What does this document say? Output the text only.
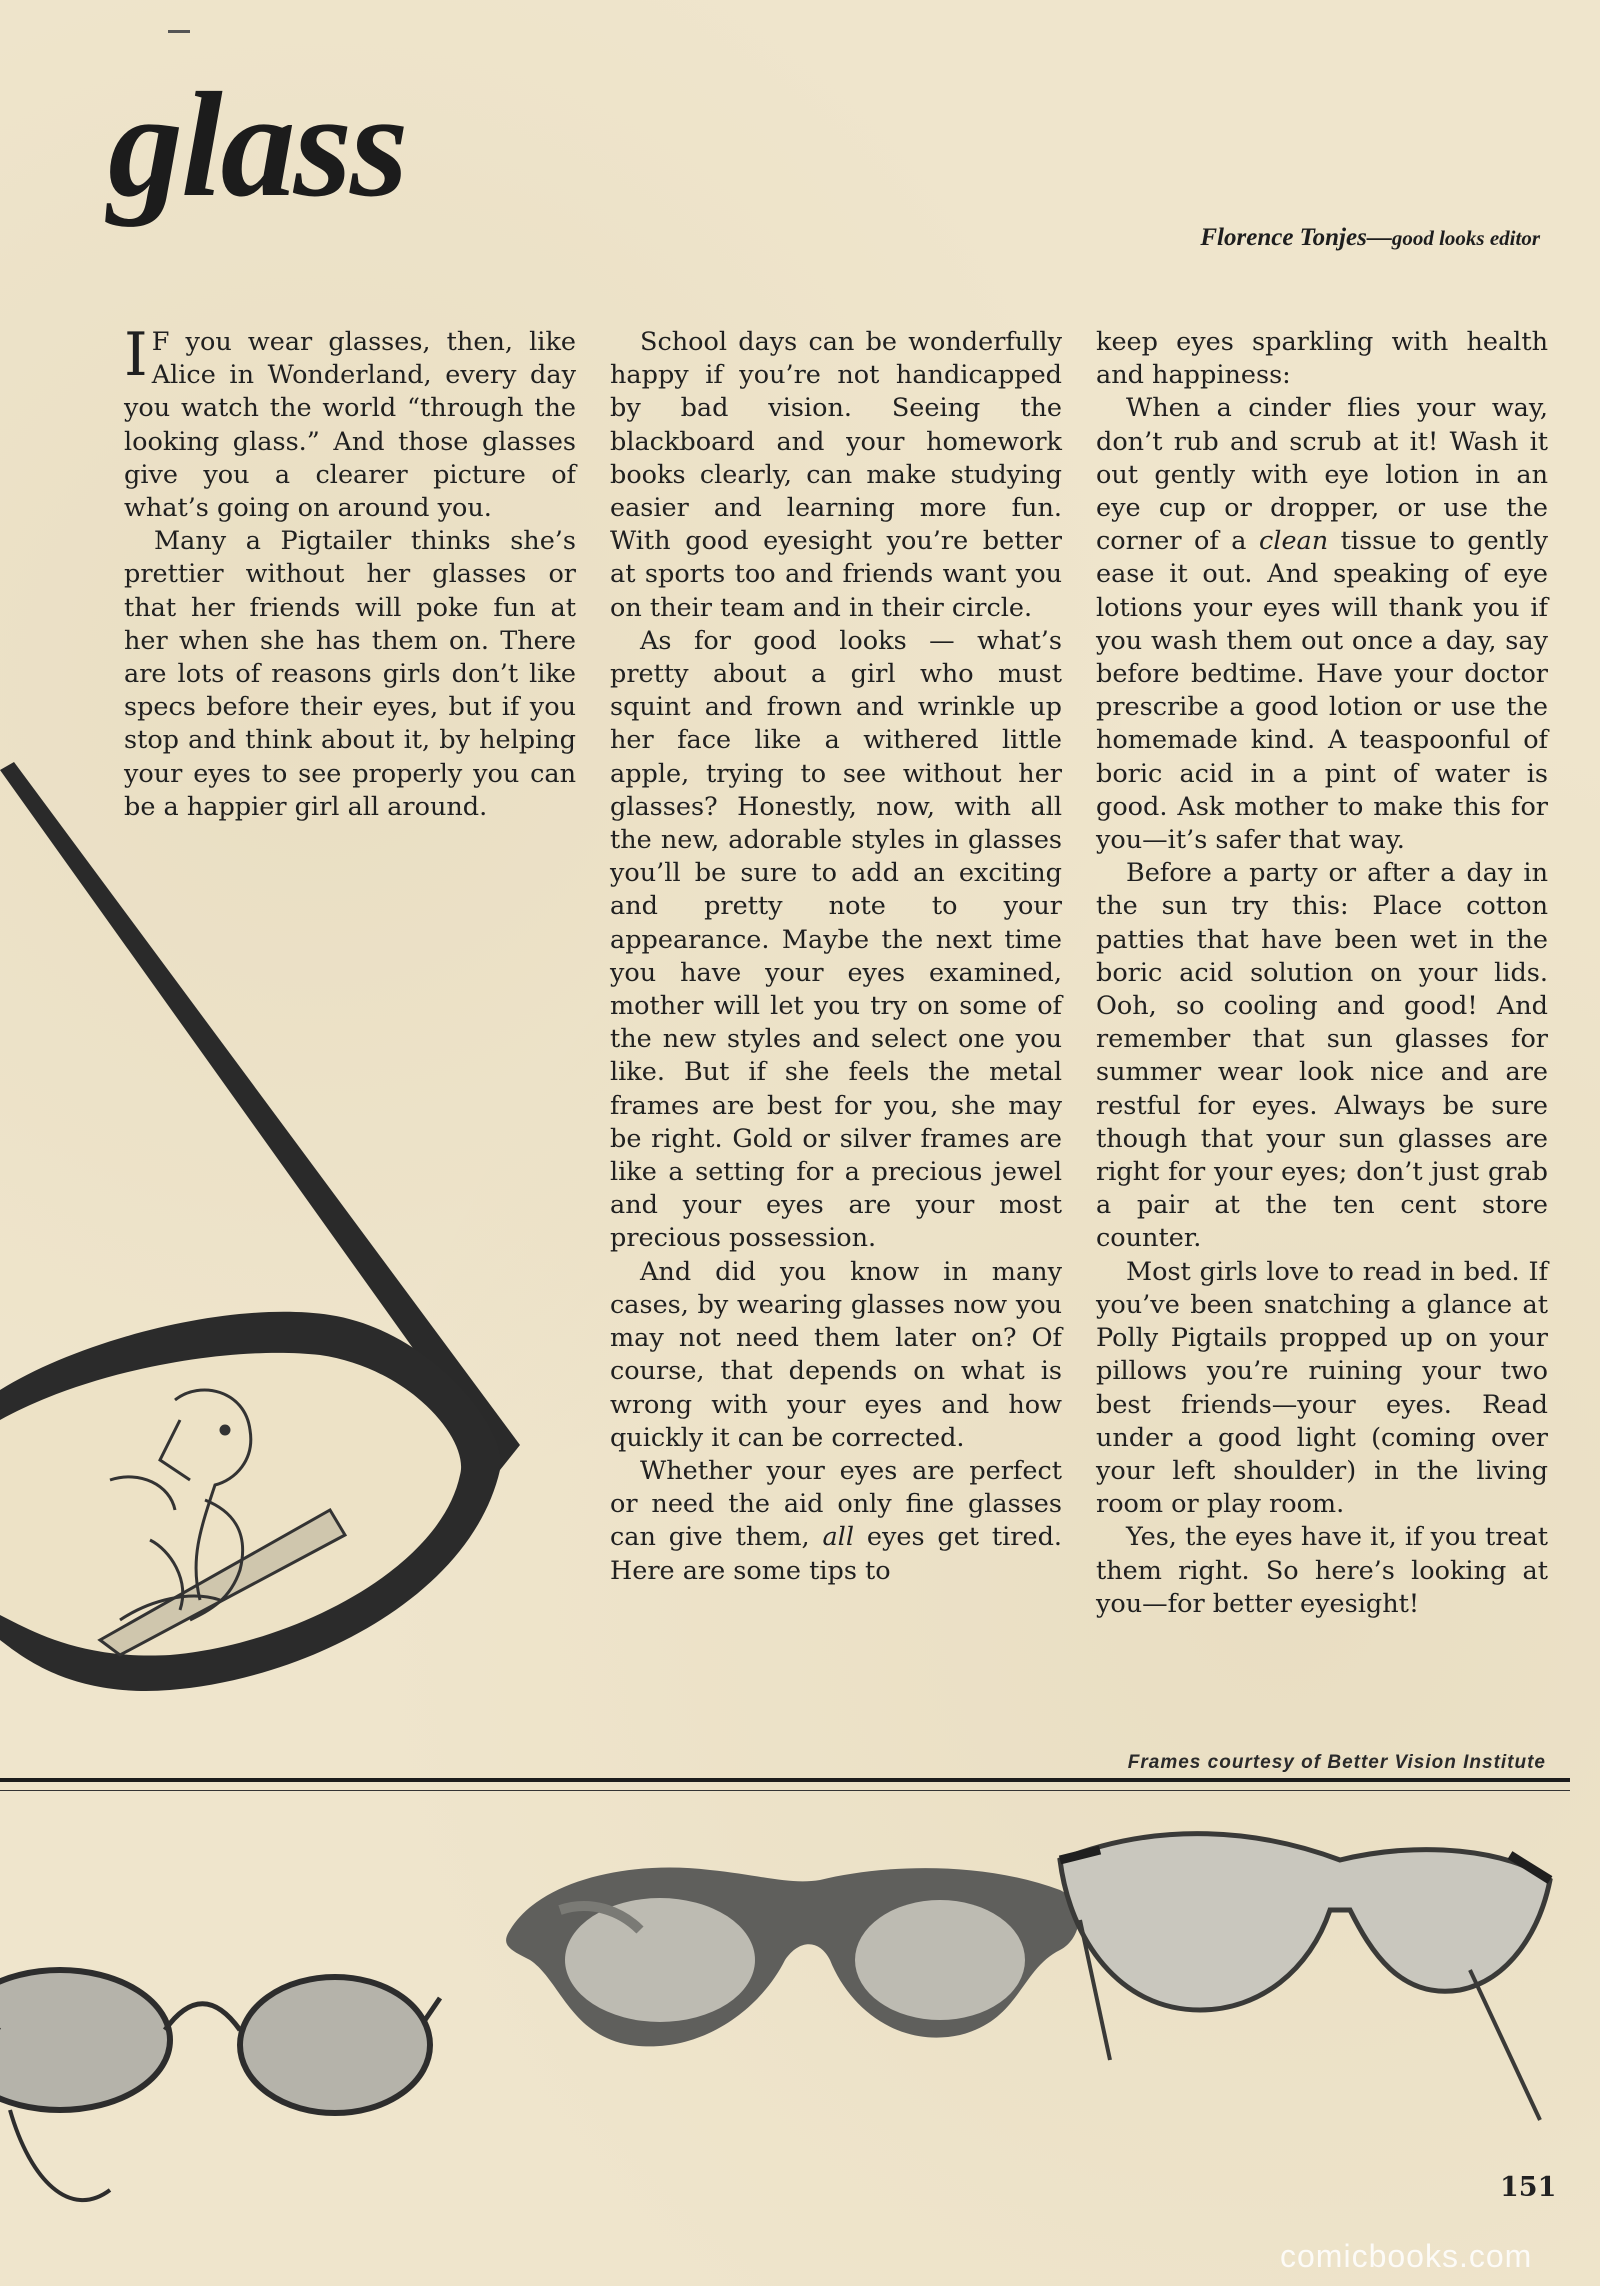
glass
Florence Tonjes—good looks editor

I F you wear glasses, then, like Alice in Wonderland, every day you watch the world “through the looking glass.” And those glasses give you a clearer picture of what’s going on around you.

Many a Pigtailer thinks she’s prettier without her glasses or that her friends will poke fun at her when she has them on. There are lots of reasons girls don’t like specs before their eyes, but if you stop and think about it, by helping your eyes to see properly you can be a happier girl all around.

School days can be wonderfully happy if you’re not handicapped by bad vision. Seeing the blackboard and your homework books clearly, can make studying easier and learning more fun. With good eyesight you’re better at sports too and friends want you on their team and in their circle.

As for good looks — what’s pretty about a girl who must squint and frown and wrinkle up her face like a withered little apple, trying to see without her glasses? Honestly, now, with all the new, adorable styles in glasses you’ll be sure to add an exciting and pretty note to your appearance. Maybe the next time you have your eyes examined, mother will let you try on some of the new styles and select one you like. But if she feels the metal frames are best for you, she may be right. Gold or silver frames are like a setting for a precious jewel and your eyes are your most precious possession.

And did you know in many cases, by wearing glasses now you may not need them later on? Of course, that depends on what is wrong with your eyes and how quickly it can be corrected.

Whether your eyes are perfect or need the aid only fine glasses can give them, all eyes get tired. Here are some tips to

keep eyes sparkling with health and happiness:

When a cinder flies your way, don’t rub and scrub at it! Wash it out gently with eye lotion in an eye cup or dropper, or use the corner of a clean tissue to gently ease it out. And speaking of eye lotions your eyes will thank you if you wash them out once a day, say before bedtime. Have your doctor prescribe a good lotion or use the homemade kind. A teaspoonful of boric acid in a pint of water is good. Ask mother to make this for you—it’s safer that way.

Before a party or after a day in the sun try this: Place cotton patties that have been wet in the boric acid solution on your lids. Ooh, so cooling and good! And remember that sun glasses for summer wear look nice and are restful for eyes. Always be sure though that your sun glasses are right for your eyes; don’t just grab a pair at the ten cent store counter.

Most girls love to read in bed. If you’ve been snatching a glance at Polly Pigtails propped up on your pillows you’re ruining your two best friends—your eyes. Read under a good light (coming over your left shoulder) in the living room or play room.

Yes, the eyes have it, if you treat them right. So here’s looking at you—for better eyesight!

Frames courtesy of Better Vision Institute
151
comicbooks.com
